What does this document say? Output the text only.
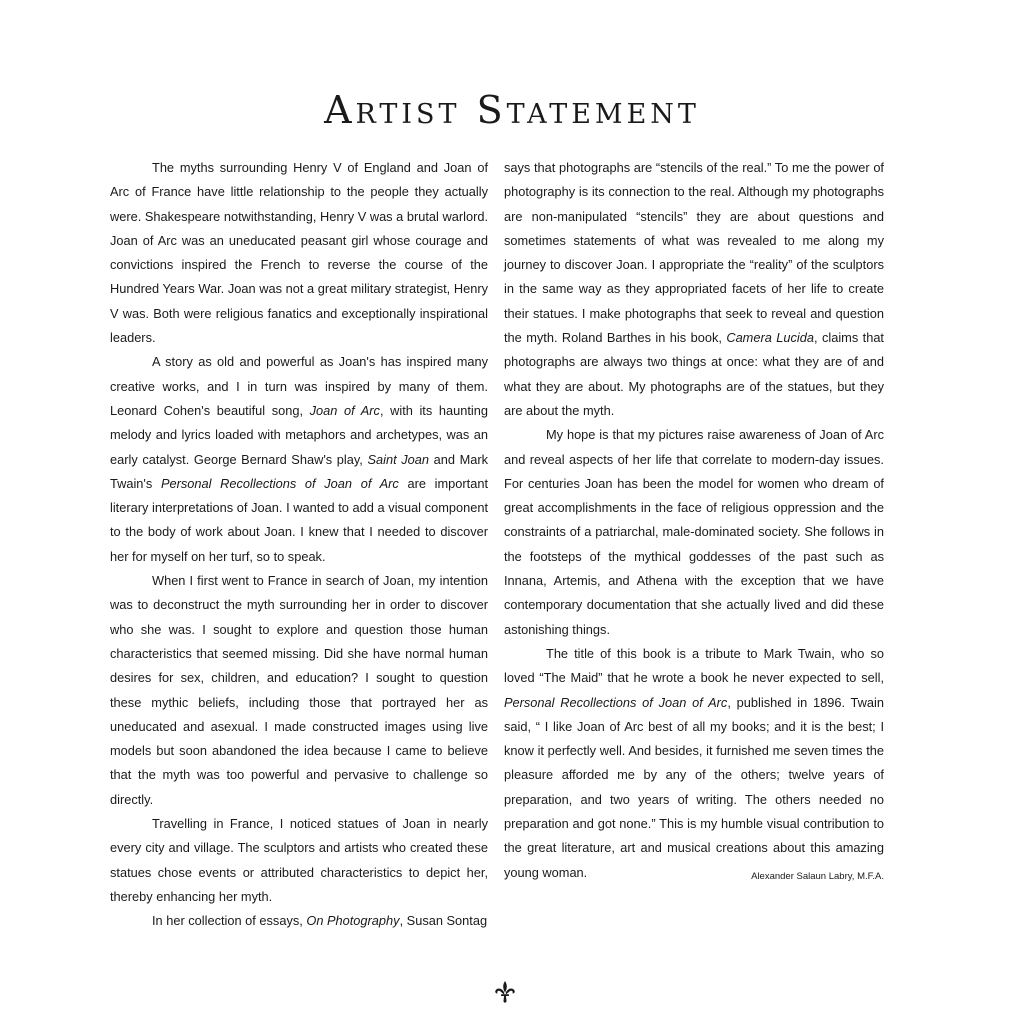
Artist Statement

The myths surrounding Henry V of England and Joan of Arc of France have little relationship to the people they actually were. Shakespeare notwithstanding, Henry V was a brutal warlord. Joan of Arc was an uneducated peasant girl whose courage and convictions inspired the French to reverse the course of the Hundred Years War. Joan was not a great military strategist, Henry V was. Both were religious fanatics and exceptionally inspirational leaders.

A story as old and powerful as Joan's has inspired many creative works, and I in turn was inspired by many of them. Leonard Cohen's beautiful song, Joan of Arc, with its haunting melody and lyrics loaded with metaphors and archetypes, was an early catalyst. George Bernard Shaw's play, Saint Joan and Mark Twain's Personal Recollections of Joan of Arc are important literary interpretations of Joan. I wanted to add a visual component to the body of work about Joan. I knew that I needed to discover her for myself on her turf, so to speak.

When I first went to France in search of Joan, my intention was to deconstruct the myth surrounding her in order to discover who she was. I sought to explore and question those human characteristics that seemed missing. Did she have normal human desires for sex, children, and education? I sought to question these mythic beliefs, including those that portrayed her as uneducated and asexual. I made constructed images using live models but soon abandoned the idea because I came to believe that the myth was too powerful and pervasive to challenge so directly.

Travelling in France, I noticed statues of Joan in nearly every city and village. The sculptors and artists who created these statues chose events or attributed characteristics to depict her, thereby enhancing her myth.

In her collection of essays, On Photography, Susan Sontag

says that photographs are “stencils of the real.” To me the power of photography is its connection to the real. Although my photographs are non-manipulated “stencils” they are about questions and sometimes statements of what was revealed to me along my journey to discover Joan. I appropriate the “reality” of the sculptors in the same way as they appropriated facets of her life to create their statues. I make photographs that seek to reveal and question the myth. Roland Barthes in his book, Camera Lucida, claims that photographs are always two things at once: what they are of and what they are about. My photographs are of the statues, but they are about the myth.

My hope is that my pictures raise awareness of Joan of Arc and reveal aspects of her life that correlate to modern-day issues. For centuries Joan has been the model for women who dream of great accomplishments in the face of religious oppression and the constraints of a patriarchal, male-dominated society. She follows in the footsteps of the mythical goddesses of the past such as Innana, Artemis, and Athena with the exception that we have contemporary documentation that she actually lived and did these astonishing things.

The title of this book is a tribute to Mark Twain, who so loved “The Maid” that he wrote a book he never expected to sell, Personal Recollections of Joan of Arc, published in 1896. Twain said, “ I like Joan of Arc best of all my books; and it is the best; I know it perfectly well. And besides, it furnished me seven times the pleasure afforded me by any of the others; twelve years of preparation, and two years of writing. The others needed no preparation and got none.” This is my humble visual contribution to the great literature, art and musical creations about this amazing young woman.	Alexander Salaun Labry, M.F.A.
